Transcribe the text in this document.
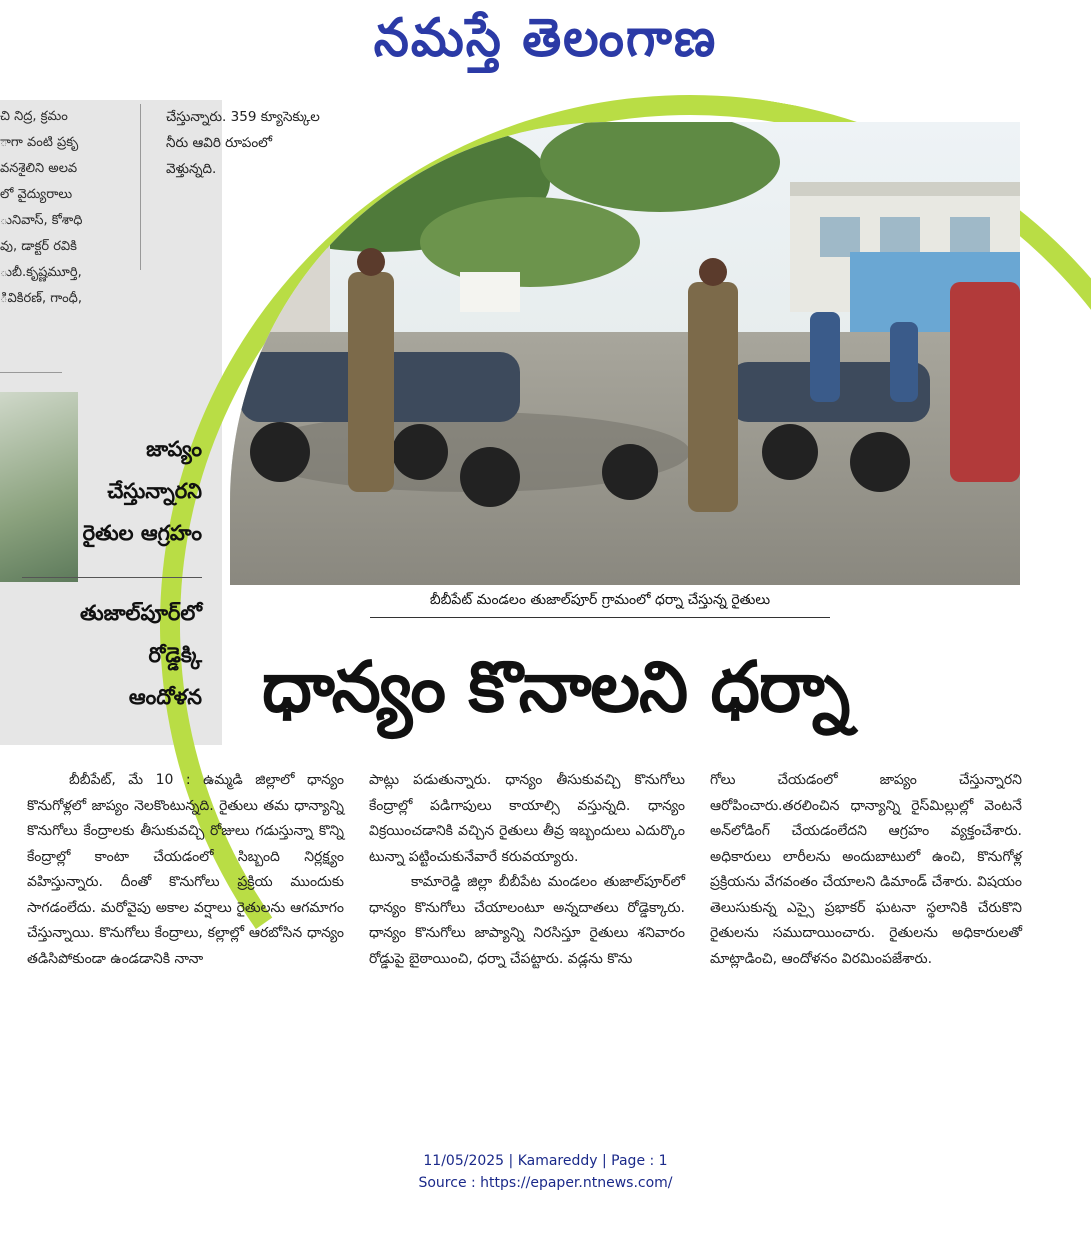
నమస్తే తెలంగాణ
చి నిద్ర, క్రమం
ాగా వంటి ప్రకృ
వనశైలిని అలవ
లో వైద్యురాలు
ునివాస్, కోశాధి
వు, డాక్టర్ రవికి
ుబీ.కృష్ణమూర్తి,
ివికిరణ్, గాంధీ,
చేస్తున్నారు. 359 క్యూసెక్కుల
నీరు ఆవిరి రూపంలో
వెళ్తున్నది.
బీబీపేట్ మండలం తుజాల్‌పూర్ గ్రామంలో ధర్నా చేస్తున్న రైతులు
జాప్యం
చేస్తున్నారని
రైతుల ఆగ్రహం
తుజాల్‌పూర్‌లో
రోడ్డెక్కి
ఆందోళన ధాన్యం కొనాలని ధర్నా

బీబీపేట్, మే 10 : ఉమ్మడి జిల్లాలో ధాన్యం కొనుగోళ్లలో జాప్యం నెలకొంటున్నది. రైతులు తమ ధాన్యాన్ని కొనుగోలు కేంద్రాలకు తీసుకువచ్చి రోజులు గడుస్తున్నా కొన్ని కేంద్రాల్లో కాంటా చేయడంలో సిబ్బంది నిర్లక్ష్యం వహిస్తున్నారు. దీంతో కొనుగోలు ప్రక్రియ ముందుకు సాగడంలేదు. మరోవైపు అకాల వర్షాలు రైతులను ఆగమాగం చేస్తున్నాయి. కొనుగోలు కేంద్రాలు, కల్లాల్లో ఆరబోసిన ధాన్యం తడిసిపోకుండా ఉండడానికి నానా

పాట్లు పడుతున్నారు. ధాన్యం తీసుకువచ్చి కొనుగోలు కేంద్రాల్లో పడిగాపులు కాయాల్సి వస్తున్నది. ధాన్యం విక్రయించడానికి వచ్చిన రైతులు తీవ్ర ఇబ్బందులు ఎదుర్కొం టున్నా పట్టించుకునేవారే కరువయ్యారు.

కామారెడ్డి జిల్లా బీబీపేట మండలం తుజాల్‌పూర్‌లో ధాన్యం కొనుగోలు చేయాలంటూ అన్నదాతలు రోడ్డెక్కారు. ధాన్యం కొనుగోలు జాప్యాన్ని నిరసిస్తూ రైతులు శనివారం రోడ్డుపై బైఠాయించి, ధర్నా చేపట్టారు. వడ్లను కొను

గోలు చేయడంలో జాప్యం చేస్తున్నారని ఆరోపించారు.తరలించిన ధాన్యాన్ని రైస్‌మిల్లుల్లో వెంటనే అన్‌లోడింగ్ చేయడంలేదని ఆగ్రహం వ్యక్తంచేశారు. అధికారులు లారీలను అందుబాటులో ఉంచి, కొనుగోళ్ల ప్రక్రియను వేగవంతం చేయాలని డిమాండ్ చేశారు. విషయం తెలుసుకున్న ఎస్సై ప్రభాకర్ ఘటనా స్థలానికి చేరుకొని రైతులను సముదాయించారు. రైతులను అధికారులతో మాట్లాడించి, ఆందోళనం విరమింపజేశారు.

11/05/2025 | Kamareddy | Page : 1
Source : https://epaper.ntnews.com/
